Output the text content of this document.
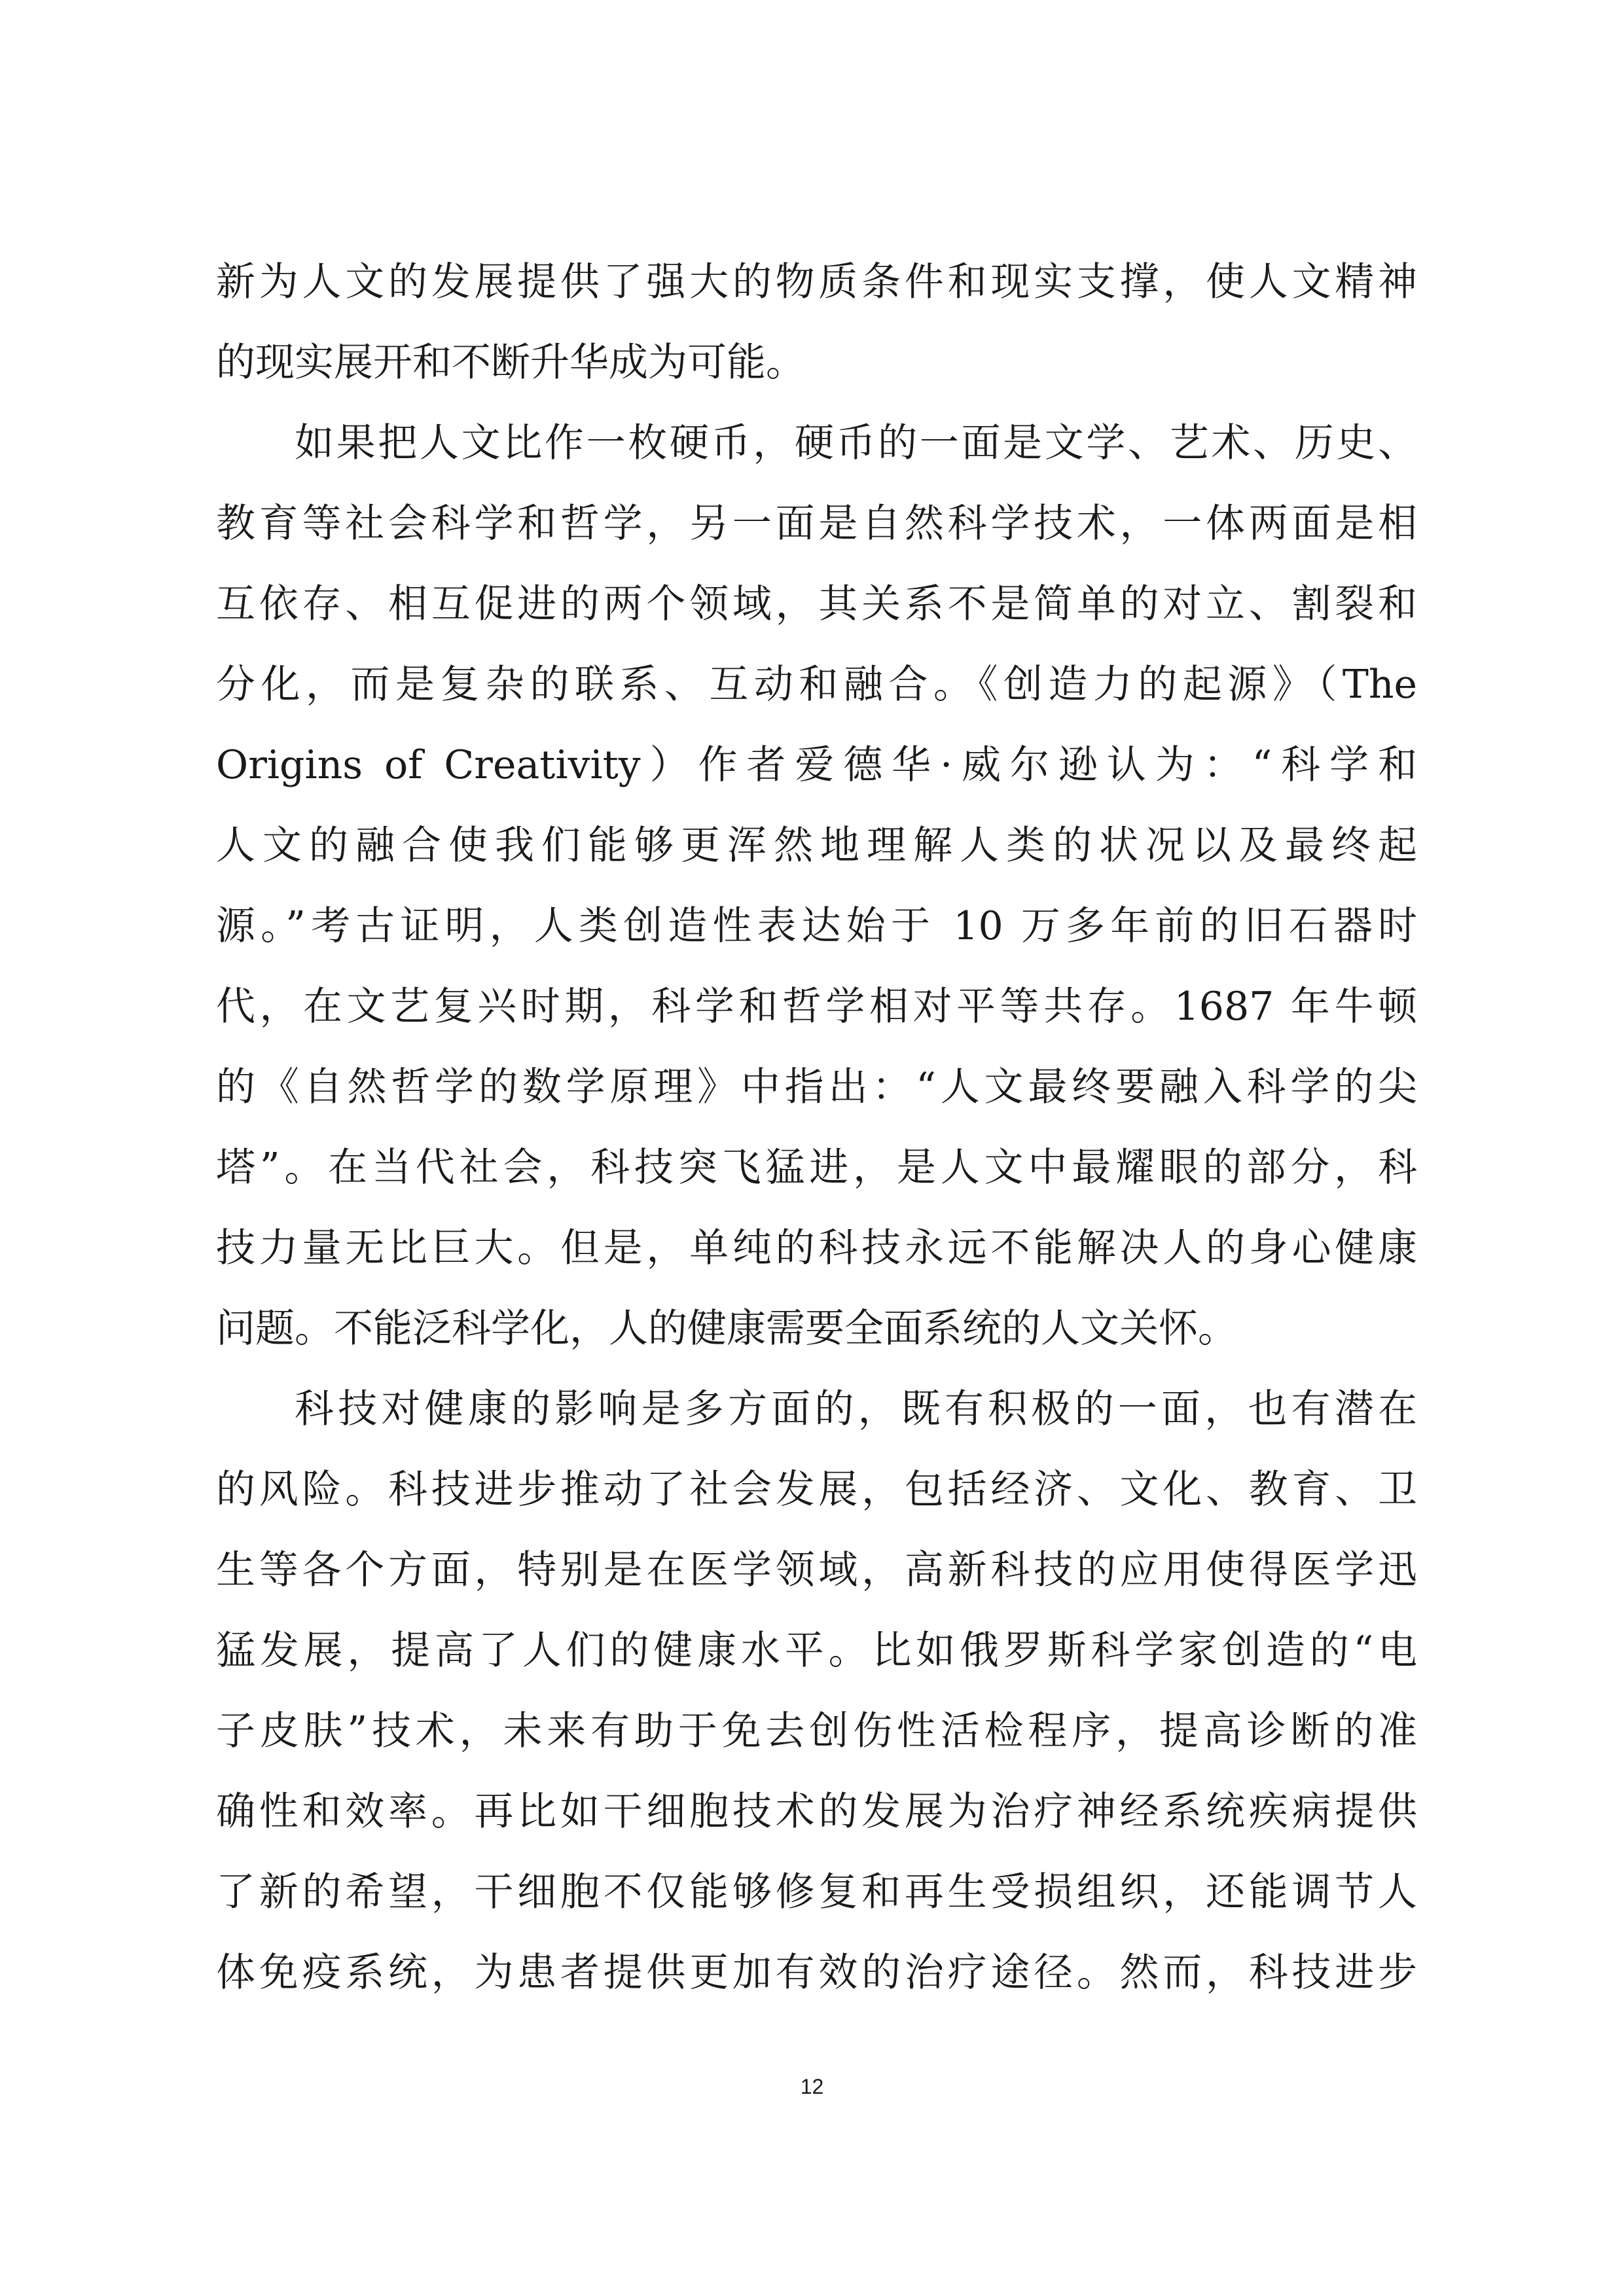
新为人文的发展提供了强大的物质条件和现实支撑，使人文精神
的现实展开和不断升华成为可能。
如果把人文比作一枚硬币，硬币的一面是文学、艺术、历史、
教育等社会科学和哲学，另一面是自然科学技术，一体两面是相
互依存、相互促进的两个领域，其关系不是简单的对立、割裂和
分化，而是复杂的联系、互动和融合。《创造力的起源》（The
Origins of Creativity）作者爱德华·威尔逊认为：“科学和
人文的融合使我们能够更浑然地理解人类的状况以及最终起
源。”考古证明，人类创造性表达始于 10 万多年前的旧石器时
代，在文艺复兴时期，科学和哲学相对平等共存。1687 年牛顿
的《自然哲学的数学原理》中指出：“人文最终要融入科学的尖
塔”。在当代社会，科技突飞猛进，是人文中最耀眼的部分，科
技力量无比巨大。但是，单纯的科技永远不能解决人的身心健康
问题。不能泛科学化，人的健康需要全面系统的人文关怀。
科技对健康的影响是多方面的，既有积极的一面，也有潜在
的风险。科技进步推动了社会发展，包括经济、文化、教育、卫
生等各个方面，特别是在医学领域，高新科技的应用使得医学迅
猛发展，提高了人们的健康水平。比如俄罗斯科学家创造的“电
子皮肤”技术，未来有助于免去创伤性活检程序，提高诊断的准
确性和效率。再比如干细胞技术的发展为治疗神经系统疾病提供
了新的希望，干细胞不仅能够修复和再生受损组织，还能调节人
体免疫系统，为患者提供更加有效的治疗途径。然而，科技进步
12
